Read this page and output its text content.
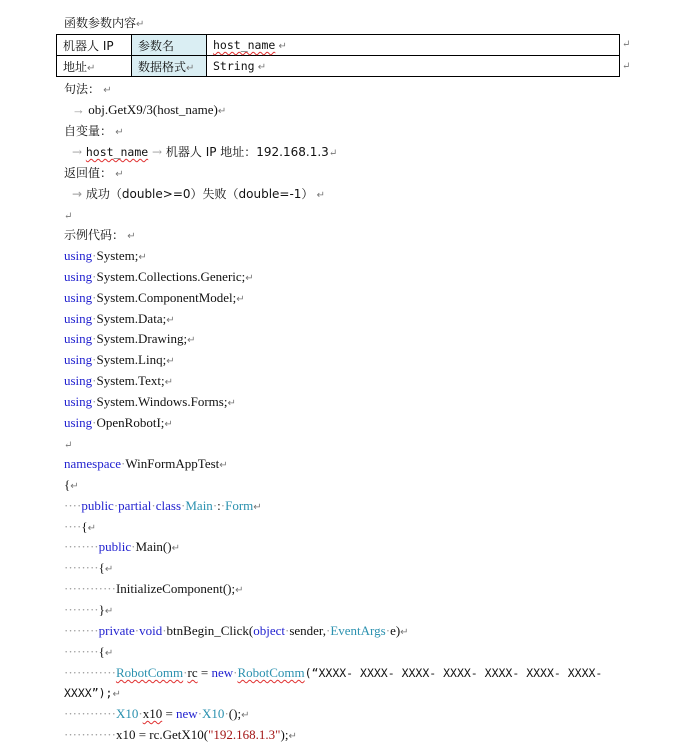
函数参数内容↵
机器人 IP	参数名	host_name ↵
地址↵	数据格式↵	String ↵
↵
↵
句法： ↵
→ obj.GetX9/3(host_name)↵
自变量： ↵
→ host_name → 机器人 IP 地址：192.168.1.3↵
返回值： ↵
→ 成功（double>=0）失败（double=-1） ↵
↵
示例代码： ↵
using·System;↵
using·System.Collections.Generic;↵
using·System.ComponentModel;↵
using·System.Data;↵
using·System.Drawing;↵
using·System.Linq;↵
using·System.Text;↵
using·System.Windows.Forms;↵
using·OpenRobotI;↵
↵
namespace·WinFormAppTest↵
{↵
····public·partial·class·Main·:·Form↵
····{↵
········public·Main()↵
········{↵
············InitializeComponent();↵
········}↵
········private·void·btnBegin_Click(object·sender,·EventArgs·e)↵
········{↵
············RobotComm·rc = new·RobotComm(“XXXX- XXXX- XXXX- XXXX- XXXX- XXXX- XXXX-
XXXX”);↵
············X10·x10 = new·X10·();↵
············x10 = rc.GetX10("192.168.1.3");↵
